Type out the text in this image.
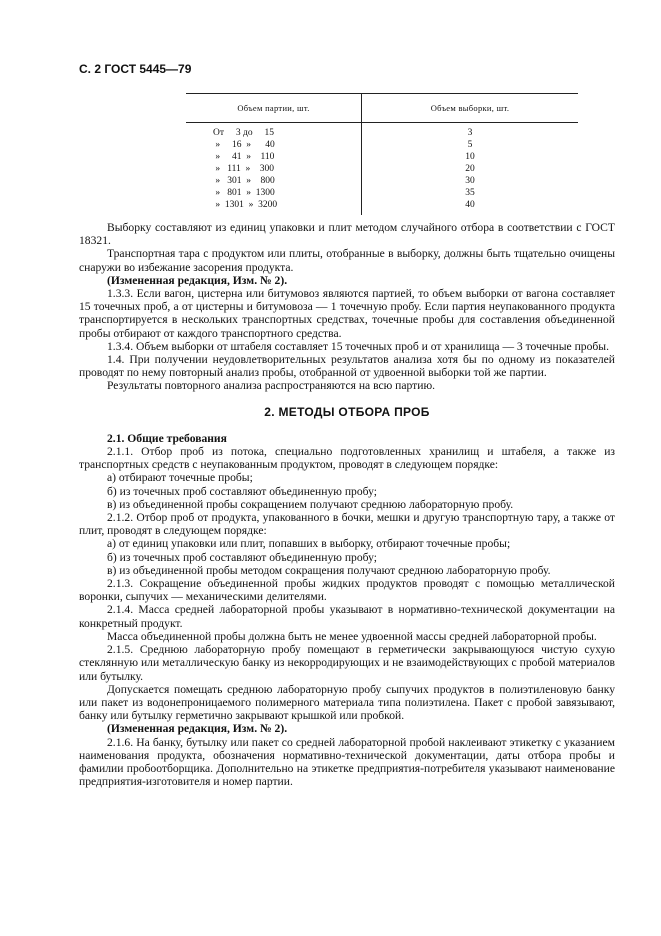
С. 2 ГОСТ 5445—79
Объем партии, шт.	Объем выборки, шт.
От     3 до     15	3
»     16  »      40	5
»     41  »    110	10
»   111  »    300	20
»   301  »    800	30
»   801  »  1300	35
»  1301  »  3200	40

Выборку составляют из единиц упаковки и плит методом случайного отбора в соответствии с ГОСТ 18321.

Транспортная тара с продуктом или плиты, отобранные в выборку, должны быть тщательно очищены снаружи во избежание засорения продукта.

(Измененная редакция, Изм. № 2).

1.3.3. Если вагон, цистерна или битумовоз являются партией, то объем выборки от вагона составляет 15 точечных проб, а от цистерны и битумовоза — 1 точечную пробу. Если партия неупакованного продукта транспортируется в нескольких транспортных средствах, точечные пробы для составления объединенной пробы отбирают от каждого транспортного средства.

1.3.4. Объем выборки от штабеля составляет 15 точечных проб и от хранилища — 3 точечные пробы.

1.4. При получении неудовлетворительных результатов анализа хотя бы по одному из показателей проводят по нему повторный анализ пробы, отобранной от удвоенной выборки той же партии.

Результаты повторного анализа распространяются на всю партию.

2. МЕТОДЫ ОТБОРА ПРОБ

2.1. Общие требования

2.1.1. Отбор проб из потока, специально подготовленных хранилищ и штабеля, а также из транспортных средств с неупакованным продуктом, проводят в следующем порядке:

а) отбирают точечные пробы;

б) из точечных проб составляют объединенную пробу;

в) из объединенной пробы сокращением получают среднюю лабораторную пробу.

2.1.2. Отбор проб от продукта, упакованного в бочки, мешки и другую транспортную тару, а также от плит, проводят в следующем порядке:

а) от единиц упаковки или плит, попавших в выборку, отбирают точечные пробы;

б) из точечных проб составляют объединенную пробу;

в) из объединенной пробы методом сокращения получают среднюю лабораторную пробу.

2.1.3. Сокращение объединенной пробы жидких продуктов проводят с помощью металлической воронки, сыпучих — механическими делителями.

2.1.4. Масса средней лабораторной пробы указывают в нормативно-технической документации на конкретный продукт.

Масса объединенной пробы должна быть не менее удвоенной массы средней лабораторной пробы.

2.1.5. Среднюю лабораторную пробу помещают в герметически закрывающуюся чистую сухую стеклянную или металлическую банку из некорродирующих и не взаимодействующих с пробой материалов или бутылку.

Допускается помещать среднюю лабораторную пробу сыпучих продуктов в полиэтиленовую банку или пакет из водонепроницаемого полимерного материала типа полиэтилена. Пакет с пробой завязывают, банку или бутылку герметично закрывают крышкой или пробкой.

(Измененная редакция, Изм. № 2).

2.1.6. На банку, бутылку или пакет со средней лабораторной пробой наклеивают этикетку с указанием наименования продукта, обозначения нормативно-технической документации, даты отбора пробы и фамилии пробоотборщика. Дополнительно на этикетке предприятия-потребителя указывают наименование предприятия-изготовителя и номер партии.
